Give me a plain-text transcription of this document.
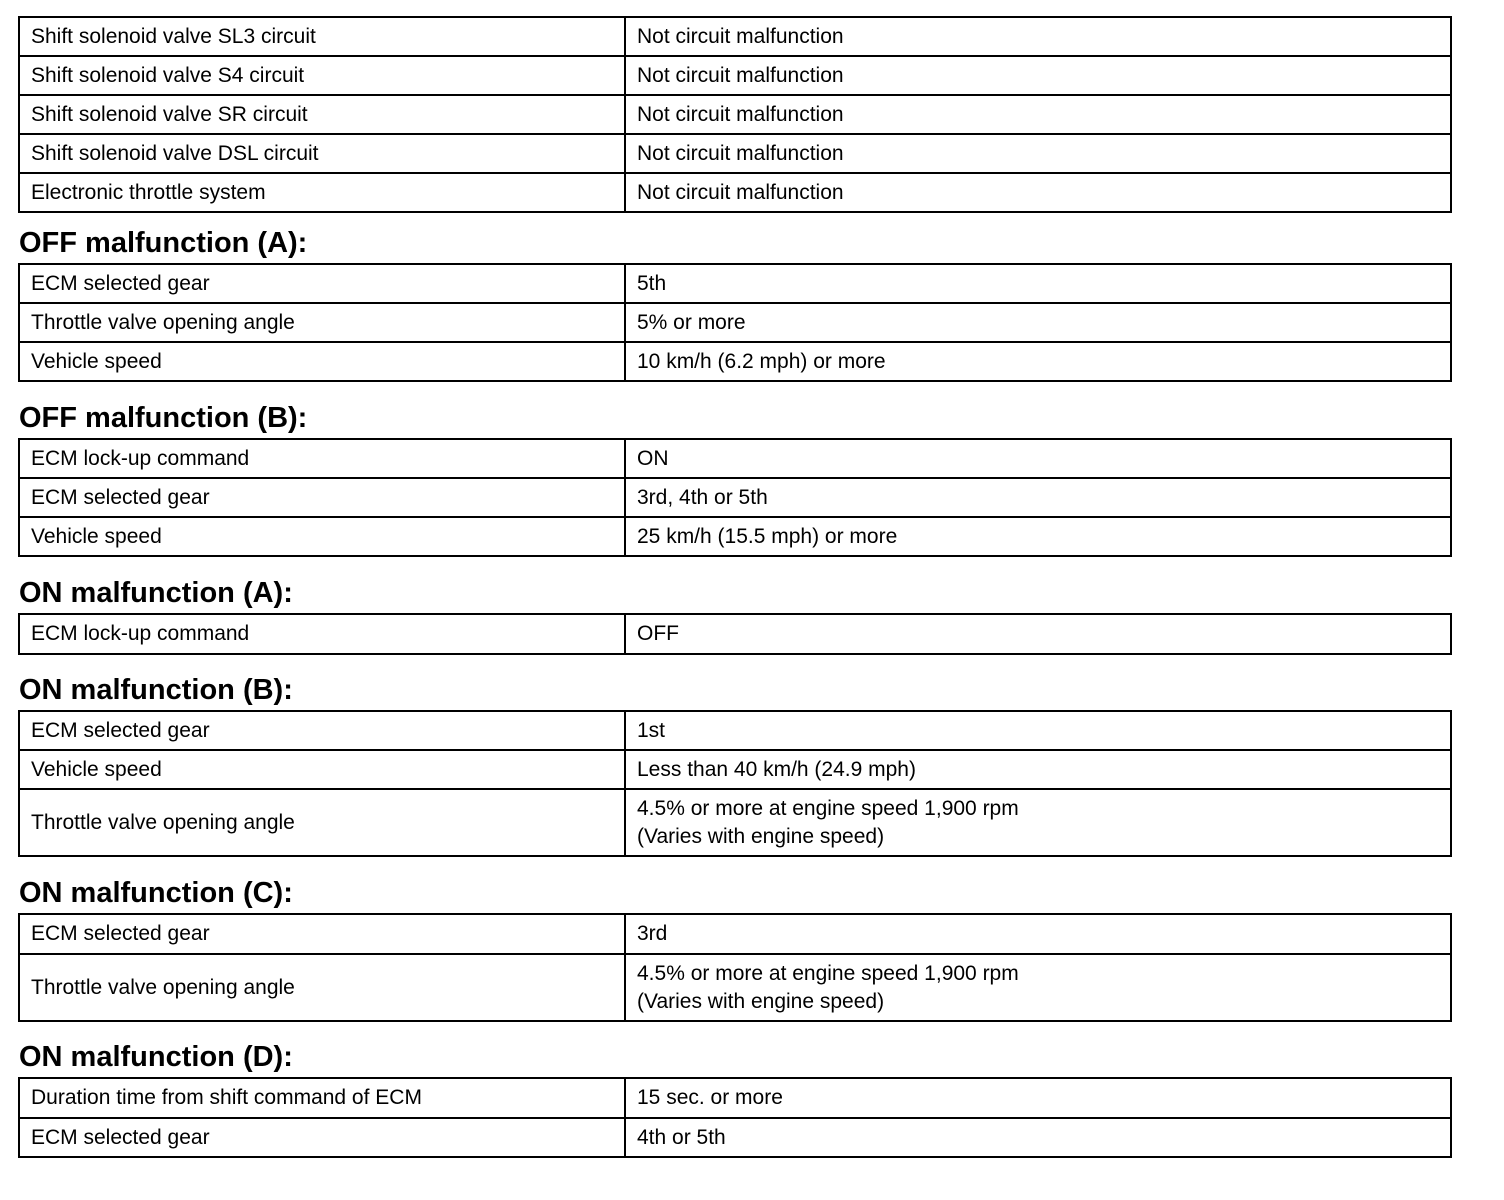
Shift solenoid valve SL3 circuit	Not circuit malfunction
Shift solenoid valve S4 circuit	Not circuit malfunction
Shift solenoid valve SR circuit	Not circuit malfunction
Shift solenoid valve DSL circuit	Not circuit malfunction
Electronic throttle system	Not circuit malfunction
OFF malfunction (A):
ECM selected gear	5th
Throttle valve opening angle	5% or more
Vehicle speed	10 km/h (6.2 mph) or more
OFF malfunction (B):
ECM lock-up command	ON
ECM selected gear	3rd, 4th or 5th
Vehicle speed	25 km/h (15.5 mph) or more
ON malfunction (A):
ECM lock-up command	OFF
ON malfunction (B):
ECM selected gear	1st
Vehicle speed	Less than 40 km/h (24.9 mph)
Throttle valve opening angle	4.5% or more at engine speed 1,900 rpm
(Varies with engine speed)
ON malfunction (C):
ECM selected gear	3rd
Throttle valve opening angle	4.5% or more at engine speed 1,900 rpm
(Varies with engine speed)
ON malfunction (D):
Duration time from shift command of ECM	15 sec. or more
ECM selected gear	4th or 5th
